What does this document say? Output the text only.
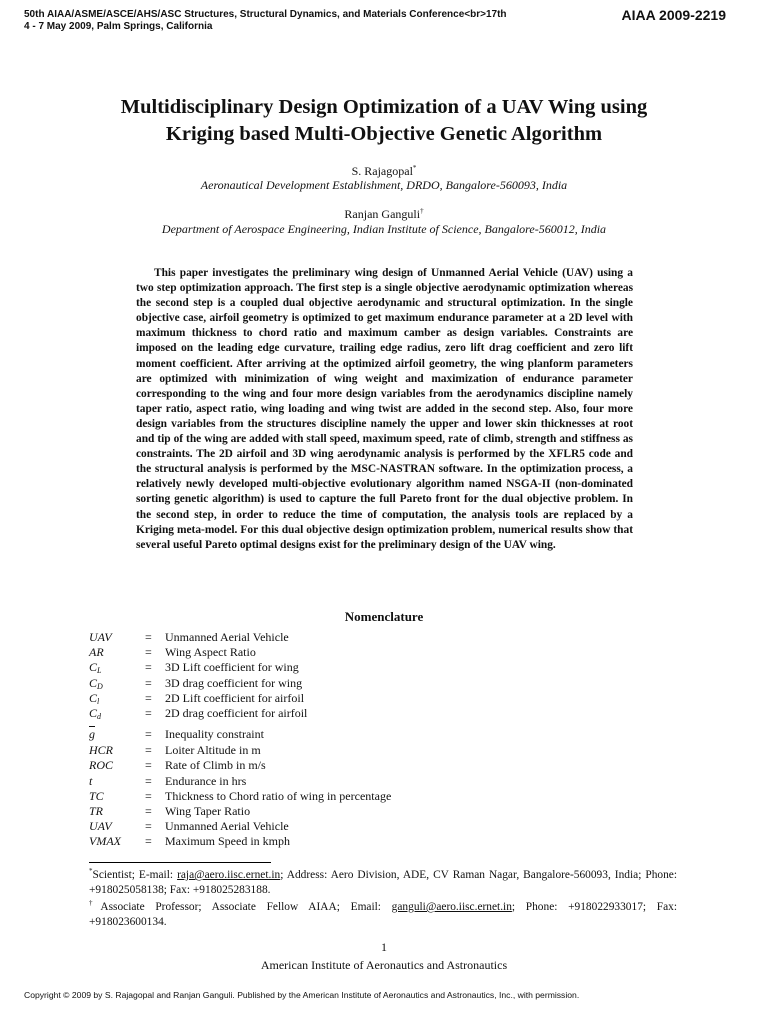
50th AIAA/ASME/ASCE/AHS/ASC Structures, Structural Dynamics, and Materials Conference<br>17th
4 - 7 May 2009, Palm Springs, California
AIAA 2009-2219
Multidisciplinary Design Optimization of a UAV Wing using
Kriging based Multi-Objective Genetic Algorithm
S. Rajagopal*
Aeronautical Development Establishment, DRDO, Bangalore-560093, India
Ranjan Ganguli†
Department of Aerospace Engineering, Indian Institute of Science, Bangalore-560012, India

This paper investigates the preliminary wing design of Unmanned Aerial Vehicle (UAV) using a two step optimization approach. The first step is a single objective aerodynamic optimization whereas the second step is a coupled dual objective aerodynamic and structural optimization. In the single objective case, airfoil geometry is optimized to get maximum endurance parameter at a 2D level with maximum thickness to chord ratio and maximum camber as design variables. Constraints are imposed on the leading edge curvature, trailing edge radius, zero lift drag coefficient and zero lift moment coefficient. After arriving at the optimized airfoil geometry, the wing planform parameters are optimized with minimization of wing weight and maximization of endurance parameter corresponding to the wing and four more design variables from the aerodynamics discipline namely taper ratio, aspect ratio, wing loading and wing twist are added in the second step. Also, four more design variables from the structures discipline namely the upper and lower skin thicknesses at root and tip of the wing are added with stall speed, maximum speed, rate of climb, strength and stiffness as constraints. The 2D airfoil and 3D wing aerodynamic analysis is performed by the XFLR5 code and the structural analysis is performed by the MSC-NASTRAN software. In the optimization process, a relatively newly developed multi-objective evolutionary algorithm named NSGA-II (non-dominated sorting genetic algorithm) is used to capture the full Pareto front for the dual objective problem. In the second step, in order to reduce the time of computation, the analysis tools are replaced by a Kriging meta-model. For this dual objective design optimization problem, numerical results show that several useful Pareto optimal designs exist for the preliminary design of the UAV wing.

Nomenclature
UAV	=	Unmanned Aerial Vehicle
AR	=	Wing Aspect Ratio
$C_L$	=	3D Lift coefficient for wing
$C_D$	=	3D drag coefficient for wing
$C_l$	=	2D Lift coefficient for airfoil
$C_d$	=	2D drag coefficient for airfoil
$\overline{g}$	=	Inequality constraint
HCR	=	Loiter Altitude in m
ROC	=	Rate of Climb in m/s
t	=	Endurance in hrs
TC	=	Thickness to Chord ratio of wing in percentage
TR	=	Wing Taper Ratio
UAV	=	Unmanned Aerial Vehicle
VMAX	=	Maximum Speed in kmph

*Scientist; E-mail: raja@aero.iisc.ernet.in; Address: Aero Division, ADE, CV Raman Nagar, Bangalore-560093, India; Phone: +918025058138; Fax: +918025283188.

†Associate Professor; Associate Fellow AIAA; Email: ganguli@aero.iisc.ernet.in; Phone: +918022933017; Fax: +918023600134.

1
American Institute of Aeronautics and Astronautics
Copyright © 2009 by S. Rajagopal and Ranjan Ganguli. Published by the American Institute of Aeronautics and Astronautics, Inc., with permission.
